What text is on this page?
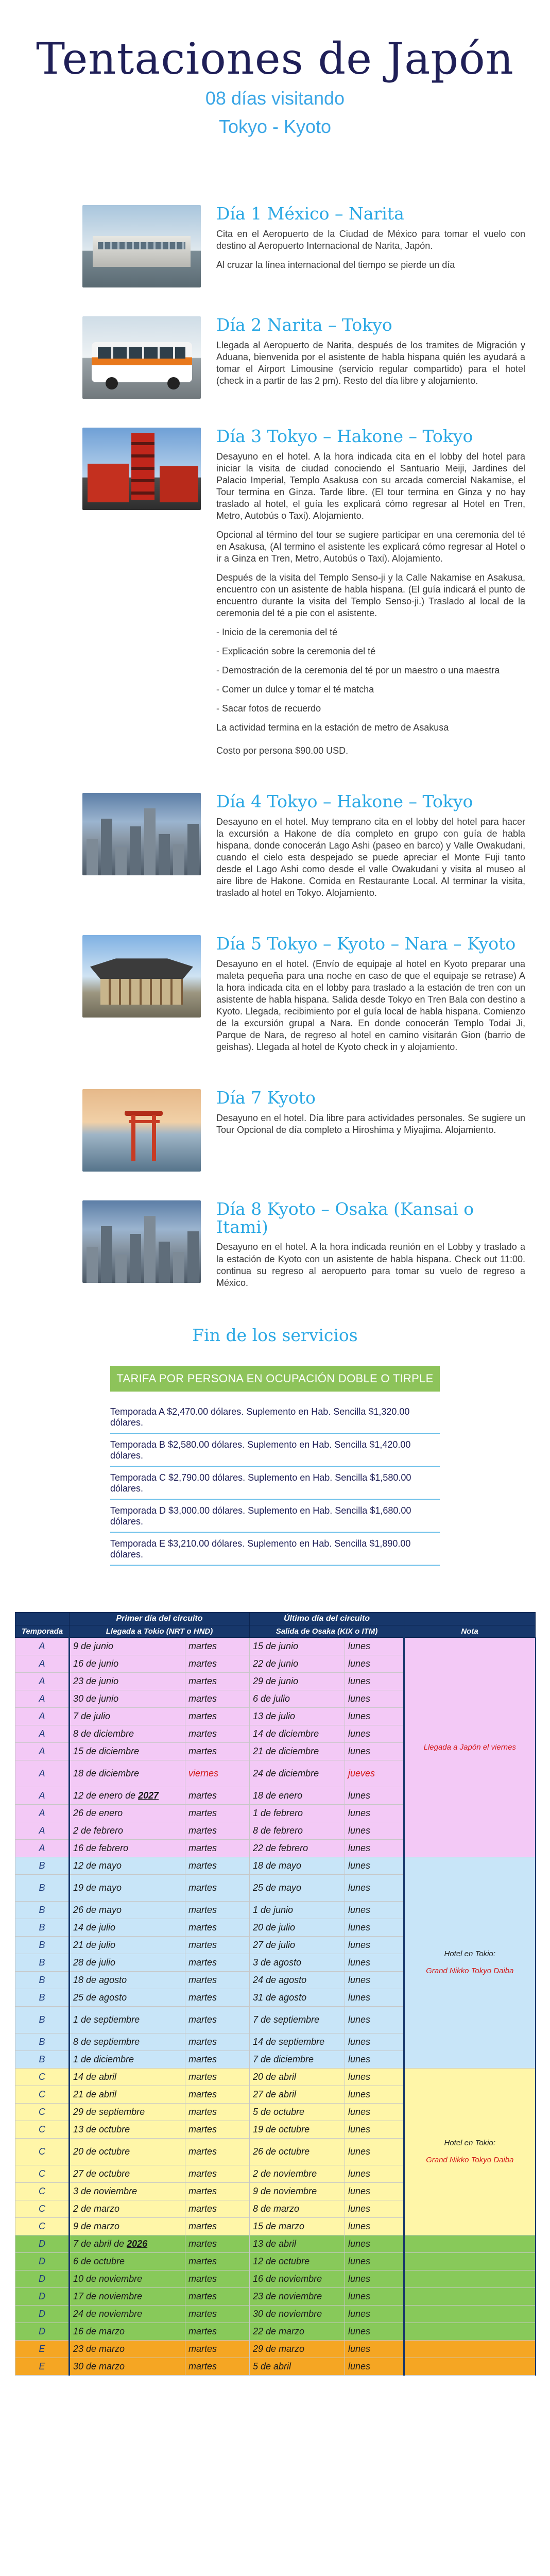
Tentaciones de Japón
08 días visitando
Tokyo - Kyoto
Día 1 México – Narita

Cita en el Aeropuerto de la Ciudad de México para tomar el vuelo con destino al Aeropuerto Internacional de Narita, Japón.

Al cruzar la línea internacional del tiempo se pierde un día

Día 2 Narita – Tokyo

Llegada al Aeropuerto de Narita, después de los tramites de Migración y Aduana, bienvenida por el asistente de habla hispana quién les ayudará a tomar el Airport Limousine (servicio regular compartido) para el hotel (check in a partir de las 2 pm). Resto del día libre y alojamiento.

Día 3 Tokyo – Hakone – Tokyo

Desayuno en el hotel. A la hora indicada cita en el lobby del hotel para iniciar la visita de ciudad conociendo el Santuario Meiji, Jardines del Palacio Imperial, Templo Asakusa con su arcada comercial Nakamise, el Tour termina en Ginza. Tarde libre. (El tour termina en Ginza y no hay traslado al hotel, el guía les explicará cómo regresar al Hotel en Tren, Metro, Autobús o Taxi). Alojamiento.

Opcional al término del tour se sugiere participar en una ceremonia del té en Asakusa, (Al termino el asistente les explicará cómo regresar al Hotel o ir a Ginza en Tren, Metro, Autobús o Taxi). Alojamiento.

Después de la visita del Templo Senso-ji y la Calle Nakamise en Asakusa, encuentro con un asistente de habla hispana. (El guía indicará el punto de encuentro durante la visita del Templo Senso-ji.) Traslado al local de la ceremonia del té a pie con el asistente.

- Inicio de la ceremonia del té

- Explicación sobre la ceremonia del té

- Demostración de la ceremonia del té por un maestro o una maestra

- Comer un dulce y tomar el té matcha

- Sacar fotos de recuerdo

La actividad termina en la estación de metro de Asakusa

Costo por persona $90.00 USD.

Día 4 Tokyo – Hakone – Tokyo

Desayuno en el hotel. Muy temprano cita en el lobby del hotel para hacer la excursión a Hakone de día completo en grupo con guía de habla hispana, donde conocerán Lago Ashi (paseo en barco) y Valle Owakudani, cuando el cielo esta despejado se puede apreciar el Monte Fuji tanto desde el Lago Ashi como desde el valle Owakudani y visita al museo al aire libre de Hakone. Comida en Restaurante Local. Al terminar la visita, traslado al hotel en Tokyo. Alojamiento.

Día 5 Tokyo – Kyoto – Nara – Kyoto

Desayuno en el hotel. (Envío de equipaje al hotel en Kyoto preparar una maleta pequeña para una noche en caso de que el equipaje se retrase) A la hora indicada cita en el lobby para traslado a la estación de tren con un asistente de habla hispana. Salida desde Tokyo en Tren Bala con destino a Kyoto. Llegada, recibimiento por el guía local de habla hispana. Comienzo de la excursión grupal a Nara. En donde conocerán Templo Todai Ji, Parque de Nara, de regreso al hotel en camino visitarán Gion (barrio de geishas). Llegada al hotel de Kyoto check in y alojamiento.

Día 7 Kyoto

Desayuno en el hotel. Día libre para actividades personales. Se sugiere un Tour Opcional de día completo a Hiroshima y Miyajima. Alojamiento.

Día 8 Kyoto – Osaka (Kansai o Itami)

Desayuno en el hotel. A la hora indicada reunión en el Lobby y traslado a la estación de Kyoto con un asistente de habla hispana. Check out 11:00. continua su regreso al aeropuerto para tomar su vuelo de regreso a México.

Fin de los servicios
TARIFA POR PERSONA EN OCUPACIÓN DOBLE O TIRPLE
Temporada A $2,470.00 dólares. Suplemento en Hab. Sencilla $1,320.00 dólares.
Temporada B $2,580.00 dólares. Suplemento en Hab. Sencilla $1,420.00 dólares.
Temporada C $2,790.00 dólares. Suplemento en Hab. Sencilla $1,580.00 dólares.
Temporada D $3,000.00 dólares. Suplemento en Hab. Sencilla $1,680.00 dólares.
Temporada E $3,210.00 dólares. Suplemento en Hab. Sencilla $1,890.00 dólares.
	Primer día del circuito		Último día del circuito		
Temporada	Llegada a Tokio (NRT o HND)		Salida de Osaka (KIX o ITM)		Nota
A	9 de junio	martes	15 de junio	lunes	Llegada a Japón el viernes

A	16 de junio	martes	22 de junio	lunes	
A	23 de junio	martes	29 de junio	lunes	
A	30 de junio	martes	6 de julio	lunes	
A	7 de julio	martes	13 de julio	lunes	
A	8 de diciembre	martes	14 de diciembre	lunes	
A	15 de diciembre	martes	21 de diciembre	lunes	
A	18 de diciembre	viernes	24 de diciembre	jueves	
A	12 de enero de 2027	martes	18 de enero	lunes	
A	26 de enero	martes	1 de febrero	lunes	
A	2 de febrero	martes	8 de febrero	lunes	
A	16 de febrero	martes	22 de febrero	lunes	
B	12 de mayo	martes	18 de mayo	lunes	Hotel en Tokio:
Grand Nikko Tokyo Daiba

B	19 de mayo	martes	25 de mayo	lunes	
B	26 de mayo	martes	1 de junio	lunes	
B	14 de julio	martes	20 de julio	lunes	
B	21 de julio	martes	27 de julio	lunes	
B	28 de julio	martes	3 de agosto	lunes	
B	18 de agosto	martes	24 de agosto	lunes	
B	25 de agosto	martes	31 de agosto	lunes	
B	1 de septiembre	martes	7 de septiembre	lunes	
B	8 de septiembre	martes	14 de septiembre	lunes	
B	1 de diciembre	martes	7 de diciembre	lunes	
C	14 de abril	martes	20 de abril	lunes	Hotel en Tokio:
Grand Nikko Tokyo Daiba

C	21 de abril	martes	27 de abril	lunes	
C	29 de septiembre	martes	5 de octubre	lunes	
C	13 de octubre	martes	19 de octubre	lunes	
C	20 de octubre	martes	26 de octubre	lunes	
C	27 de octubre	martes	2 de noviembre	lunes	
C	3 de noviembre	martes	9 de noviembre	lunes	
C	2 de marzo	martes	8 de marzo	lunes	
C	9 de marzo	martes	15 de marzo	lunes	
D	7 de abril de 2026	martes	13 de abril	lunes	
D	6 de octubre	martes	12 de octubre	lunes	
D	10 de noviembre	martes	16 de noviembre	lunes	
D	17 de noviembre	martes	23 de noviembre	lunes	
D	24 de noviembre	martes	30 de noviembre	lunes	
D	16 de marzo	martes	22 de marzo	lunes	
E	23 de marzo	martes	29 de marzo	lunes	
E	30 de marzo	martes	5 de abril	lunes	
